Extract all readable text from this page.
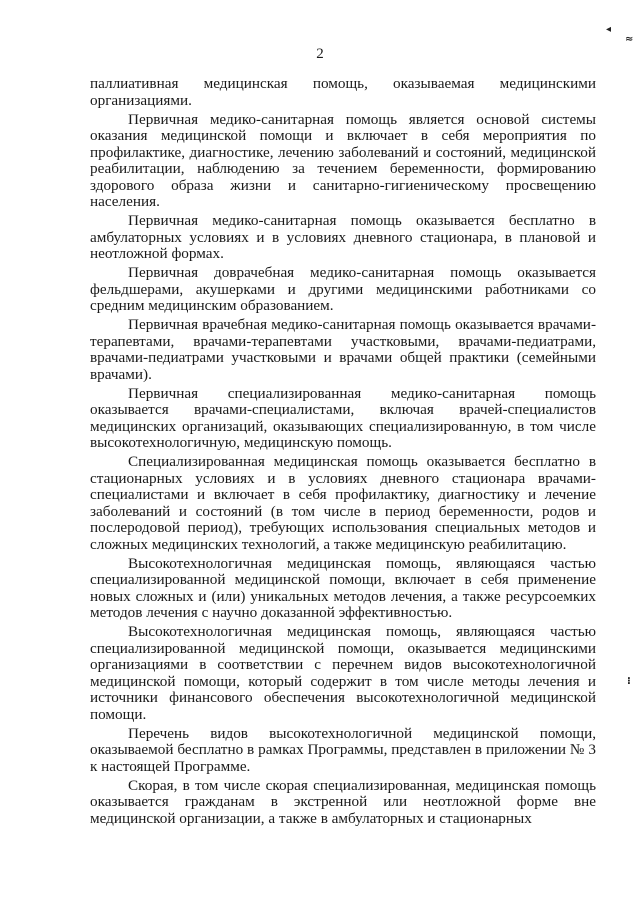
◂
≈
⁝
2

паллиативная медицинская помощь, оказываемая медицинскими организациями.

Первичная медико-санитарная помощь является основой системы оказания медицинской помощи и включает в себя мероприятия по профилактике, диагностике, лечению заболеваний и состояний, медицинской реабилитации, наблюдению за течением беременности, формированию здорового образа жизни и санитарно-гигиеническому просвещению населения.

Первичная медико-санитарная помощь оказывается бесплатно в амбулаторных условиях и в условиях дневного стационара, в плановой и неотложной формах.

Первичная доврачебная медико-санитарная помощь оказывается фельдшерами, акушерками и другими медицинскими работниками со средним медицинским образованием.

Первичная врачебная медико-санитарная помощь оказывается врачами-терапевтами, врачами-терапевтами участковыми, врачами-педиатрами, врачами-педиатрами участковыми и врачами общей практики (семейными врачами).

Первичная специализированная медико-санитарная помощь оказывается врачами-специалистами, включая врачей-специалистов медицинских организаций, оказывающих специализированную, в том числе высокотехнологичную, медицинскую помощь.

Специализированная медицинская помощь оказывается бесплатно в стационарных условиях и в условиях дневного стационара врачами-специалистами и включает в себя профилактику, диагностику и лечение заболеваний и состояний (в том числе в период беременности, родов и послеродовой период), требующих использования специальных методов и сложных медицинских технологий, а также медицинскую реабилитацию.

Высокотехнологичная медицинская помощь, являющаяся частью специализированной медицинской помощи, включает в себя применение новых сложных и (или) уникальных методов лечения, а также ресурсоемких методов лечения с научно доказанной эффективностью.

Высокотехнологичная медицинская помощь, являющаяся частью специализированной медицинской помощи, оказывается медицинскими организациями в соответствии с перечнем видов высокотехнологичной медицинской помощи, который содержит в том числе методы лечения и источники финансового обеспечения высокотехнологичной медицинской помощи.

Перечень видов высокотехнологичной медицинской помощи, оказываемой бесплатно в рамках Программы, представлен в приложении № 3 к настоящей Программе.

Скорая, в том числе скорая специализированная, медицинская помощь оказывается гражданам в экстренной или неотложной форме вне медицинской организации, а также в амбулаторных и стационарных
